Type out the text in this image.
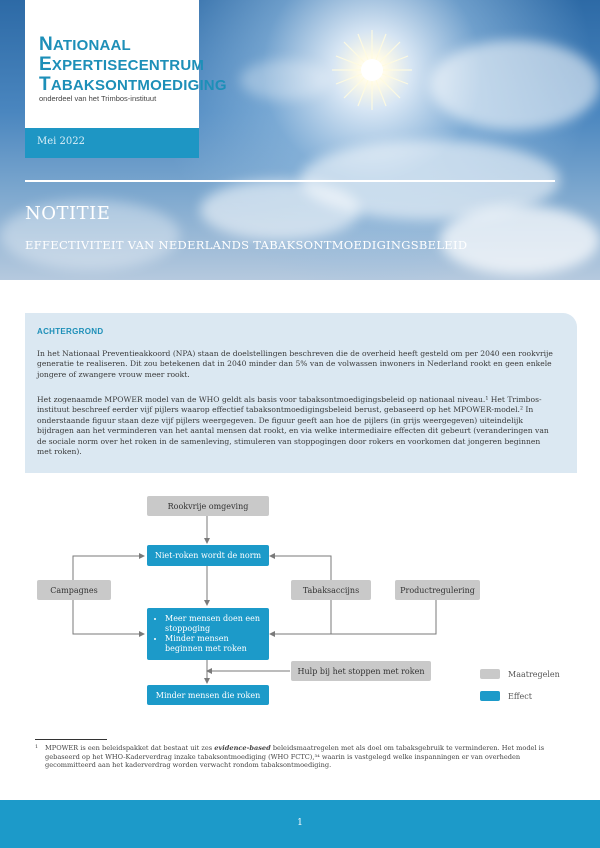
NATIONAAL
EXPERTISECENTRUM
TABAKSONTMOEDIGING
onderdeel van het Trimbos-instituut
Mei 2022
NOTITIE
EFFECTIVITEIT VAN NEDERLANDS TABAKSONTMOEDIGINGSBELEID
ACHTERGROND

In het Nationaal Preventieakkoord (NPA) staan de doelstellingen beschreven die de overheid heeft gesteld om per 2040 een rookvrije generatie te realiseren. Dit zou betekenen dat in 2040 minder dan 5% van de volwassen inwoners in Nederland rookt en geen enkele jongere of zwangere vrouw meer rookt.

Het zogenaamde MPOWER model van de WHO geldt als basis voor tabaksontmoedigingsbeleid op nationaal niveau.¹ Het Trimbos-instituut beschreef eerder vijf pijlers waarop effectief tabaksontmoedigingsbeleid berust, gebaseerd op het MPOWER-model.² In onderstaande figuur staan deze vijf pijlers weergegeven. De figuur geeft aan hoe de pijlers (in grijs weergegeven) uiteindelijk bijdragen aan het verminderen van het aantal mensen dat rookt, en via welke intermediaire effecten dit gebeurt (veranderingen van de sociale norm over het roken in de samenleving, stimuleren van stoppogingen door rokers en voorkomen dat jongeren beginnen met roken).

Rookvrije omgeving
Niet-roken wordt de norm
Campagnes	Tabaksaccijns	Productregulering
• Meer mensen doen een stoppoging
• Minder mensen beginnen met roken
Hulp bij het stoppen met roken
Minder mensen die roken
Maatregelen
Effect
1	MPOWER is een beleidspakket dat bestaat uit zes evidence-based beleidsmaatregelen met als doel om tabaksgebruik te verminderen. Het model is gebaseerd op het WHO-Kaderverdrag inzake tabaksontmoediging (WHO FCTC),³⁴ waarin is vastgelegd welke inspanningen er van overheden gecommitteerd aan het kaderverdrag worden verwacht rondom tabaksontmoediging.
1
